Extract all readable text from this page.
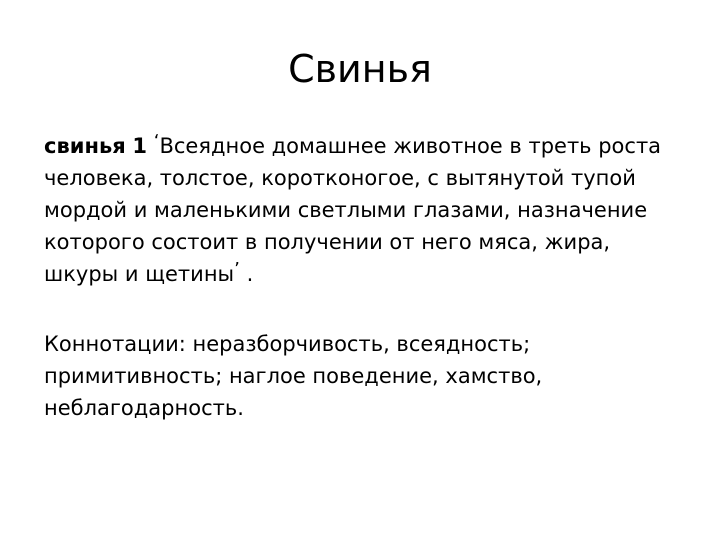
Свинья

свинья 1 ‘Всеядное домашнее животное в треть роста человека, толстое, коротконогое, с вытянутой тупой мордой и маленькими светлыми глазами, назначение которого состоит в получении от него мяса, жира, шкуры и щетины’ .

Коннотации: неразборчивость, всеядность; примитивность; наглое поведение, хамство, неблагодарность.
